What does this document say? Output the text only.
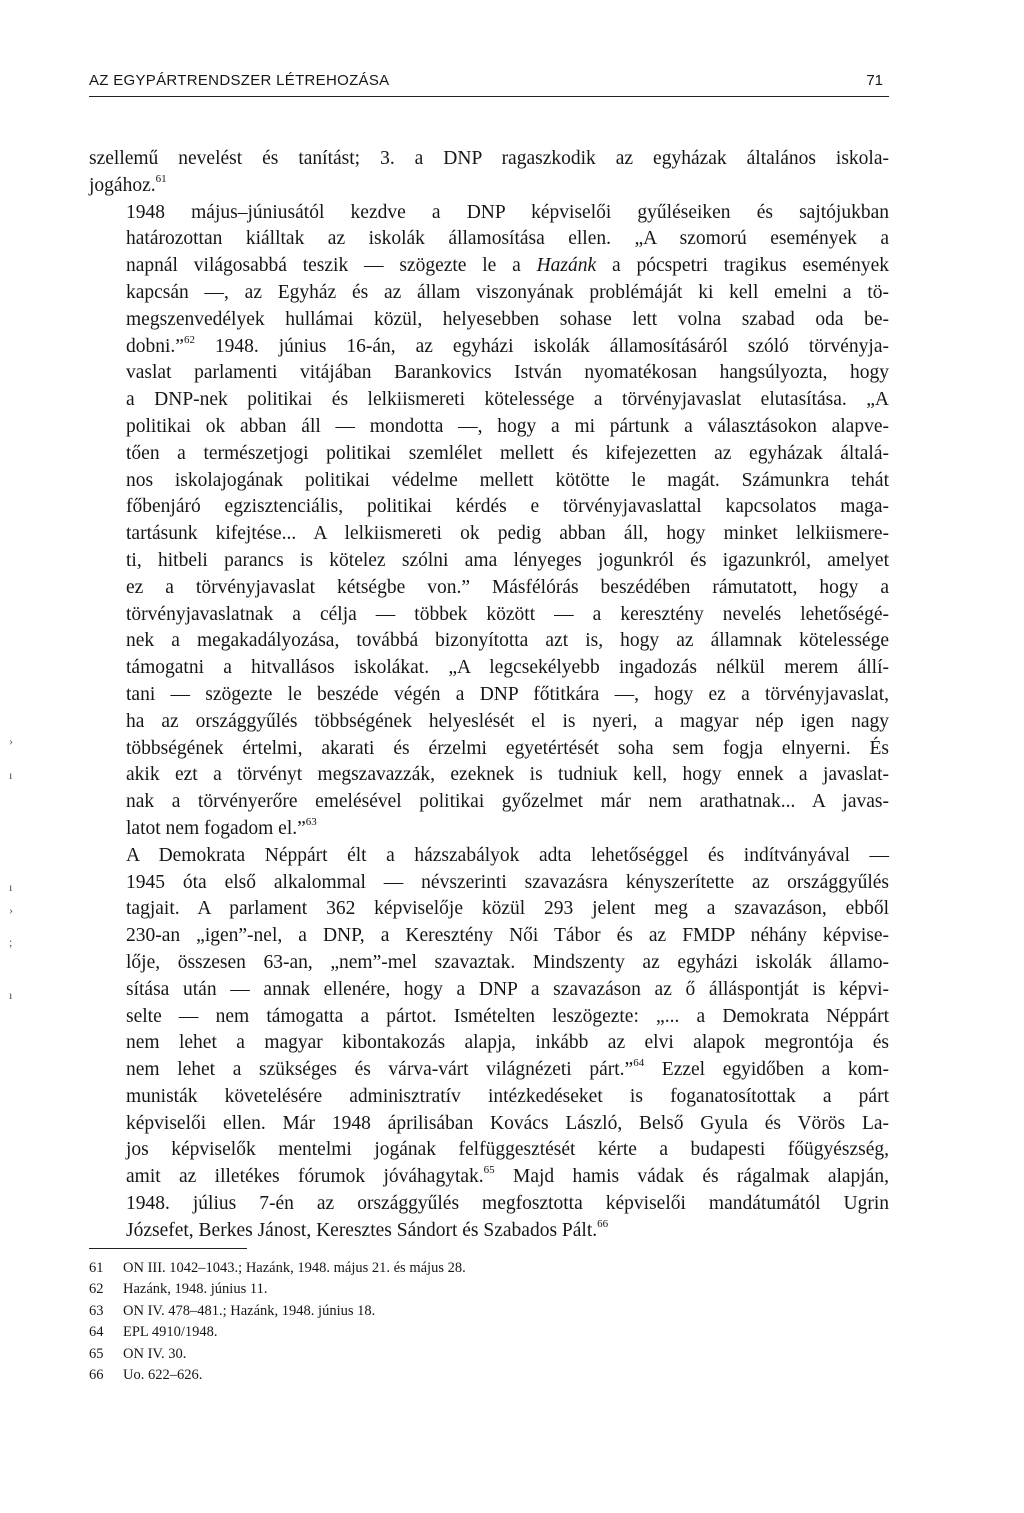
AZ EGYPÁRTRENDSZER LÉTREHOZÁSA	71

szellemű nevelést és tanítást; 3. a DNP ragaszkodik az egyházak általános iskola-
jogához.$^{61}$

1948 május–júniusától kezdve a DNP képviselői gyűléseiken és sajtójukban
határozottan kiálltak az iskolák államosítása ellen. „A szomorú események a
napnál világosabbá teszik — szögezte le a Hazánk a pócspetri tragikus események
kapcsán —, az Egyház és az állam viszonyának problémáját ki kell emelni a tö-
megszenvedélyek hullámai közül, helyesebben sohase lett volna szabad oda be-
dobni.”$^{62}$ 1948. június 16-án, az egyházi iskolák államosításáról szóló törvényja-
vaslat parlamenti vitájában Barankovics István nyomatékosan hangsúlyozta, hogy
a DNP-nek politikai és lelkiismereti kötelessége a törvényjavaslat elutasítása. „A
politikai ok abban áll — mondotta —, hogy a mi pártunk a választásokon alapve-
tően a természetjogi politikai szemlélet mellett és kifejezetten az egyházak általá-
nos iskolajogának politikai védelme mellett kötötte le magát. Számunkra tehát
főbenjáró egzisztenciális, politikai kérdés e törvényjavaslattal kapcsolatos maga-
tartásunk kifejtése... A lelkiismereti ok pedig abban áll, hogy minket lelkiismere-
ti, hitbeli parancs is kötelez szólni ama lényeges jogunkról és igazunkról, amelyet
ez a törvényjavaslat kétségbe von.” Másfélórás beszédében rámutatott, hogy a
törvényjavaslatnak a célja — többek között — a keresztény nevelés lehetőségé-
nek a megakadályozása, továbbá bizonyította azt is, hogy az államnak kötelessége
támogatni a hitvallásos iskolákat. „A legcsekélyebb ingadozás nélkül merem állí-
tani — szögezte le beszéde végén a DNP főtitkára —, hogy ez a törvényjavaslat,
ha az országgyűlés többségének helyeslését el is nyeri, a magyar nép igen nagy
többségének értelmi, akarati és érzelmi egyetértését soha sem fogja elnyerni. És
akik ezt a törvényt megszavazzák, ezeknek is tudniuk kell, hogy ennek a javaslat-
nak a törvényerőre emelésével politikai győzelmet már nem arathatnak... A javas-
latot nem fogadom el.”$^{63}$

A Demokrata Néppárt élt a házszabályok adta lehetőséggel és indítványával —
1945 óta első alkalommal — névszerinti szavazásra kényszerítette az országgyűlés
tagjait. A parlament 362 képviselője közül 293 jelent meg a szavazáson, ebből
230-an „igen”-nel, a DNP, a Keresztény Női Tábor és az FMDP néhány képvise-
lője, összesen 63-an, „nem”-mel szavaztak. Mindszenty az egyházi iskolák államo-
sítása után — annak ellenére, hogy a DNP a szavazáson az ő álláspontját is képvi-
selte — nem támogatta a pártot. Ismételten leszögezte: „... a Demokrata Néppárt
nem lehet a magyar kibontakozás alapja, inkább az elvi alapok megrontója és
nem lehet a szükséges és várva-várt világnézeti párt.”$^{64}$ Ezzel egyidőben a kom-
munisták követelésére adminisztratív intézkedéseket is foganatosítottak a párt
képviselői ellen. Már 1948 áprilisában Kovács László, Belső Gyula és Vörös La-
jos képviselők mentelmi jogának felfüggesztését kérte a budapesti főügyészség,
amit az illetékes fórumok jóváhagytak.$^{65}$ Majd hamis vádak és rágalmak alapján,
1948. július 7-én az országgyűlés megfosztotta képviselői mandátumától Ugrin
Józsefet, Berkes Jánost, Keresztes Sándort és Szabados Pált.$^{66}$

61	ON III. 1042–1043.; Hazánk, 1948. május 21. és május 28.
62	Hazánk, 1948. június 11.
63	ON IV. 478–481.; Hazánk, 1948. június 18.
64	EPL 4910/1948.
65	ON IV. 30.
66	Uo. 622–626.
›
ı
ı
›
;
ı
